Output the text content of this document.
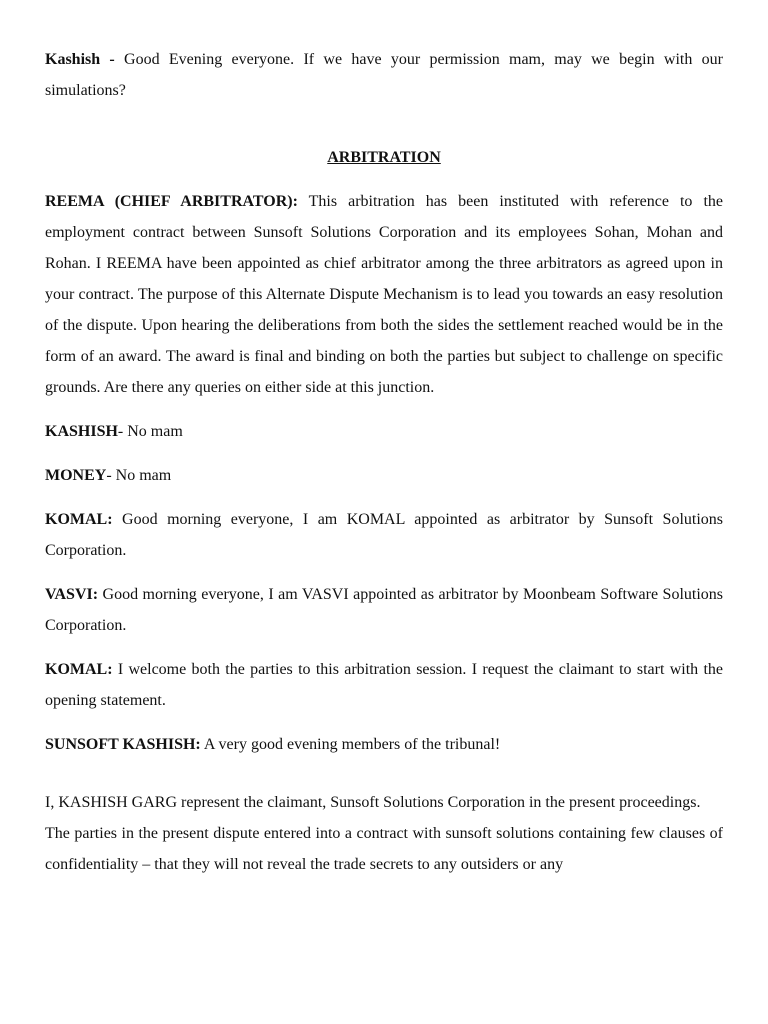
Kashish - Good Evening everyone. If we have your permission mam, may we begin with our simulations?

ARBITRATION

REEMA (CHIEF ARBITRATOR): This arbitration has been instituted with reference to the employment contract between Sunsoft Solutions Corporation and its employees Sohan, Mohan and Rohan. I REEMA have been appointed as chief arbitrator among the three arbitrators as agreed upon in your contract. The purpose of this Alternate Dispute Mechanism is to lead you towards an easy resolution of the dispute. Upon hearing the deliberations from both the sides the settlement reached would be in the form of an award. The award is final and binding on both the parties but subject to challenge on specific grounds. Are there any queries on either side at this junction.

KASHISH- No mam

MONEY- No mam

KOMAL: Good morning everyone, I am KOMAL appointed as arbitrator by Sunsoft Solutions Corporation.

VASVI: Good morning everyone, I am VASVI appointed as arbitrator by Moonbeam Software Solutions Corporation.

KOMAL: I welcome both the parties to this arbitration session. I request the claimant to start with the opening statement.

SUNSOFT KASHISH: A very good evening members of the tribunal!

I, KASHISH GARG represent the claimant, Sunsoft Solutions Corporation in the present proceedings.

The parties in the present dispute entered into a contract with sunsoft solutions containing few clauses of confidentiality – that they will not reveal the trade secrets to any outsiders or any
